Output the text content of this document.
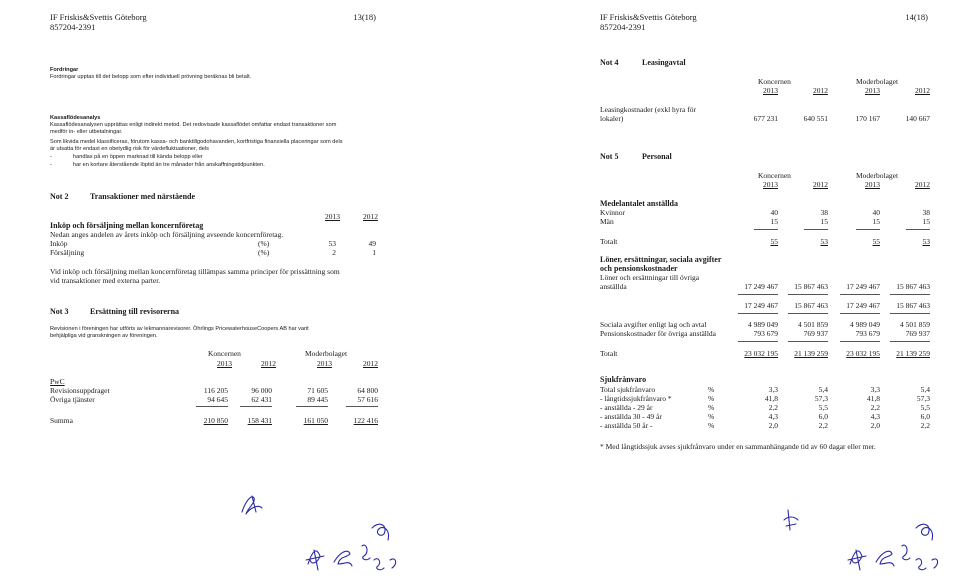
IF Friskis&Svettis Göteborg
857204-2391
13(18)
Fordringar
Fordringar upptas till det belopp som efter individuell prövning beräknas bli betalt.
Kassaflödesanalys
Kassaflödesanalysen upprättas enligt indirekt metod. Det redovisade kassaflödet omfattar endast transaktioner som
medför in- eller utbetalningar.
Som likvida medel klassificeras, förutom kassa- och banktillgodohavanden, kortfristiga finansiella placeringar som dels
är utsatta för endast en obetydlig risk för värdefluktuationer, dels
-	handlas på en öppen marknad till kända belopp eller
-	har en kortare återstående löptid än tre månader från anskaffningstidpunkten.
Not 2	Transaktioner med närstående
2013	2012
Inköp och försäljning mellan koncernföretag
Nedan anges andelen av årets inköp och försäljning avseende koncernföretag.
Inköp	(%)	53	49
Försäljning	(%)	2	1
Vid inköp och försäljning mellan koncernföretag tillämpas samma principer för prissättning som
vid transaktioner med externa parter.
Not 3	Ersättning till revisorerna
Revisionen i föreningen har utförts av lekmannarevisorer. Öhrlings PricewaterhouseCoopers AB har varit
behjälpliga vid granskningen av föreningen.
Koncernen	Moderbolaget
2013	2012	2013	2012
PwC
Revisionsuppdraget	116 205	96 000	71 605	64 800
Övriga tjänster	94 645	62 431	89 445	57 616
Summa	210 850	158 431	161 050	122 416
IF Friskis&Svettis Göteborg
857204-2391
14(18)
Not 4	Leasingavtal
Koncernen	Moderbolaget
2013	2012	2013	2012
Leasingkostnader (exkl hyra för
lokaler)	677 231	640 551	170 167	140 667
Not 5	Personal
Koncernen	Moderbolaget
2013	2012	2013	2012
Medelantalet anställda
Kvinnor	40	38	40	38
Män	15	15	15	15
Totalt	55	53	55	53
Löner, ersättningar, sociala avgifter
och pensionskostnader
Löner och ersättningar till övriga
anställda	17 249 467	15 867 463	17 249 467	15 867 463
17 249 467	15 867 463	17 249 467	15 867 463
Sociala avgifter enligt lag och avtal	4 989 049	4 501 859	4 989 049	4 501 859
Pensionskostnader för övriga anställda	793 679	769 937	793 679	769 937
Totalt	23 032 195	21 139 259	23 032 195	21 139 259
Sjukfrånvaro
Total sjukfrånvaro	%	3,3	5,4	3,3	5,4
- långtidssjukfrånvaro *	%	41,8	57,3	41,8	57,3
- anställda - 29 år	%	2,2	5,5	2,2	5,5
- anställda 30 - 49 år	%	4,3	6,0	4,3	6,0
- anställda 50 år -	%	2,0	2,2	2,0	2,2
* Med långtidssjuk avses sjukfrånvaro under en sammanhängande tid av 60 dagar eller mer.
